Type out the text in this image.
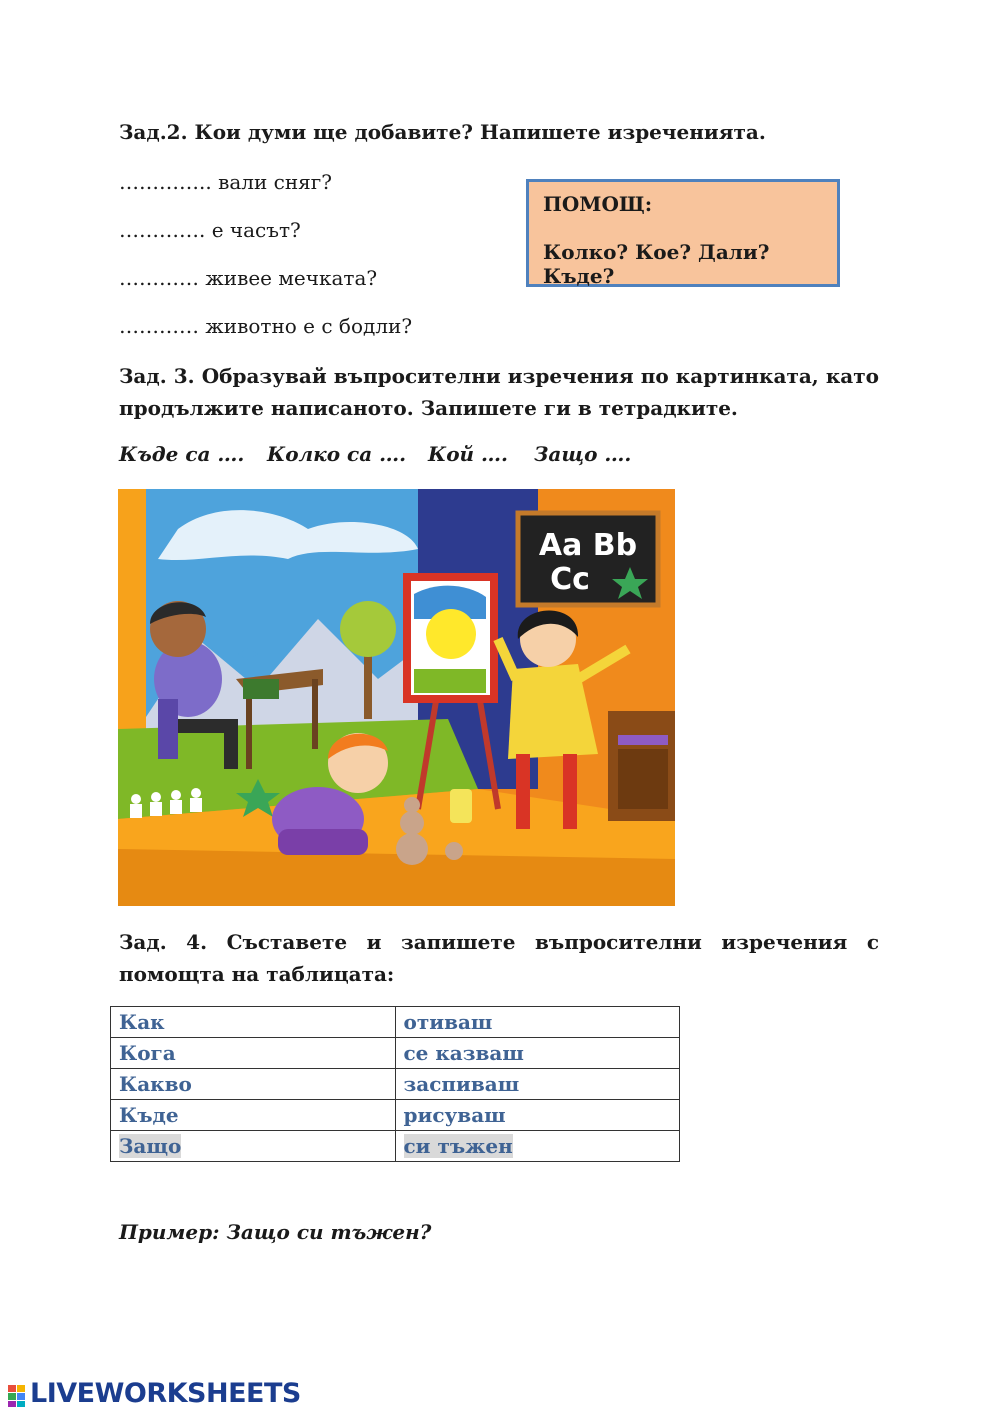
Зад.2. Кои думи ще добавите? Напишете изреченията.
………….. вали сняг?
…………. е часът?
………… живее мечката?
………… животно е с бодли?
ПОМОЩ:
Колко? Кое? Дали? Къде?
Зад. 3. Образувай въпросителни изречения по картинката, като продължите написаното. Запишете ги в тетрадките.
Къде са …. Колко са …. Кой …. Защо ….
Aa Bb
Cc
Зад. 4. Съставете и запишете въпросителни изречения с помощта на таблицата:
Как	отиваш
Кога	се казваш
Какво	заспиваш
Къде	рисуваш
Защо	си тъжен
Пример: Защо си тъжен?
LIVEWORKSHEETS
